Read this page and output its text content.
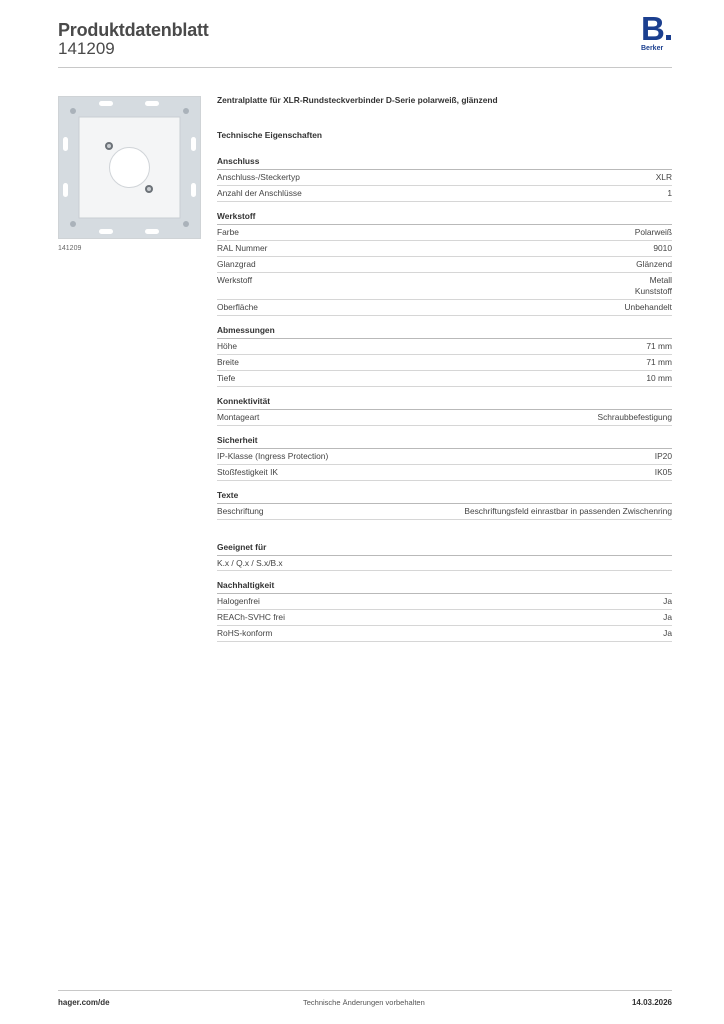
Produktdatenblatt
141209
B
Berker
141209
Zentralplatte für XLR-Rundsteckverbinder D-Serie polarweiß, glänzend
Technische Eigenschaften
Anschluss
Anschluss-/Steckertyp	XLR
Anzahl der Anschlüsse	1
Werkstoff
Farbe	Polarweiß
RAL Nummer	9010
Glanzgrad	Glänzend
Werkstoff	Metall
Kunststoff
Oberfläche	Unbehandelt
Abmessungen
Höhe	71 mm
Breite	71 mm
Tiefe	10 mm
Konnektivität
Montageart	Schraubbefestigung
Sicherheit
IP-Klasse (Ingress Protection)	IP20
Stoßfestigkeit IK	IK05
Texte
Beschriftung	Beschriftungsfeld einrastbar in passenden Zwischenring
Geeignet für
K.x / Q.x / S.x/B.x
Nachhaltigkeit
Halogenfrei	Ja
REACh-SVHC frei	Ja
RoHS-konform	Ja
hager.com/de	Technische Änderungen vorbehalten	14.03.2026
